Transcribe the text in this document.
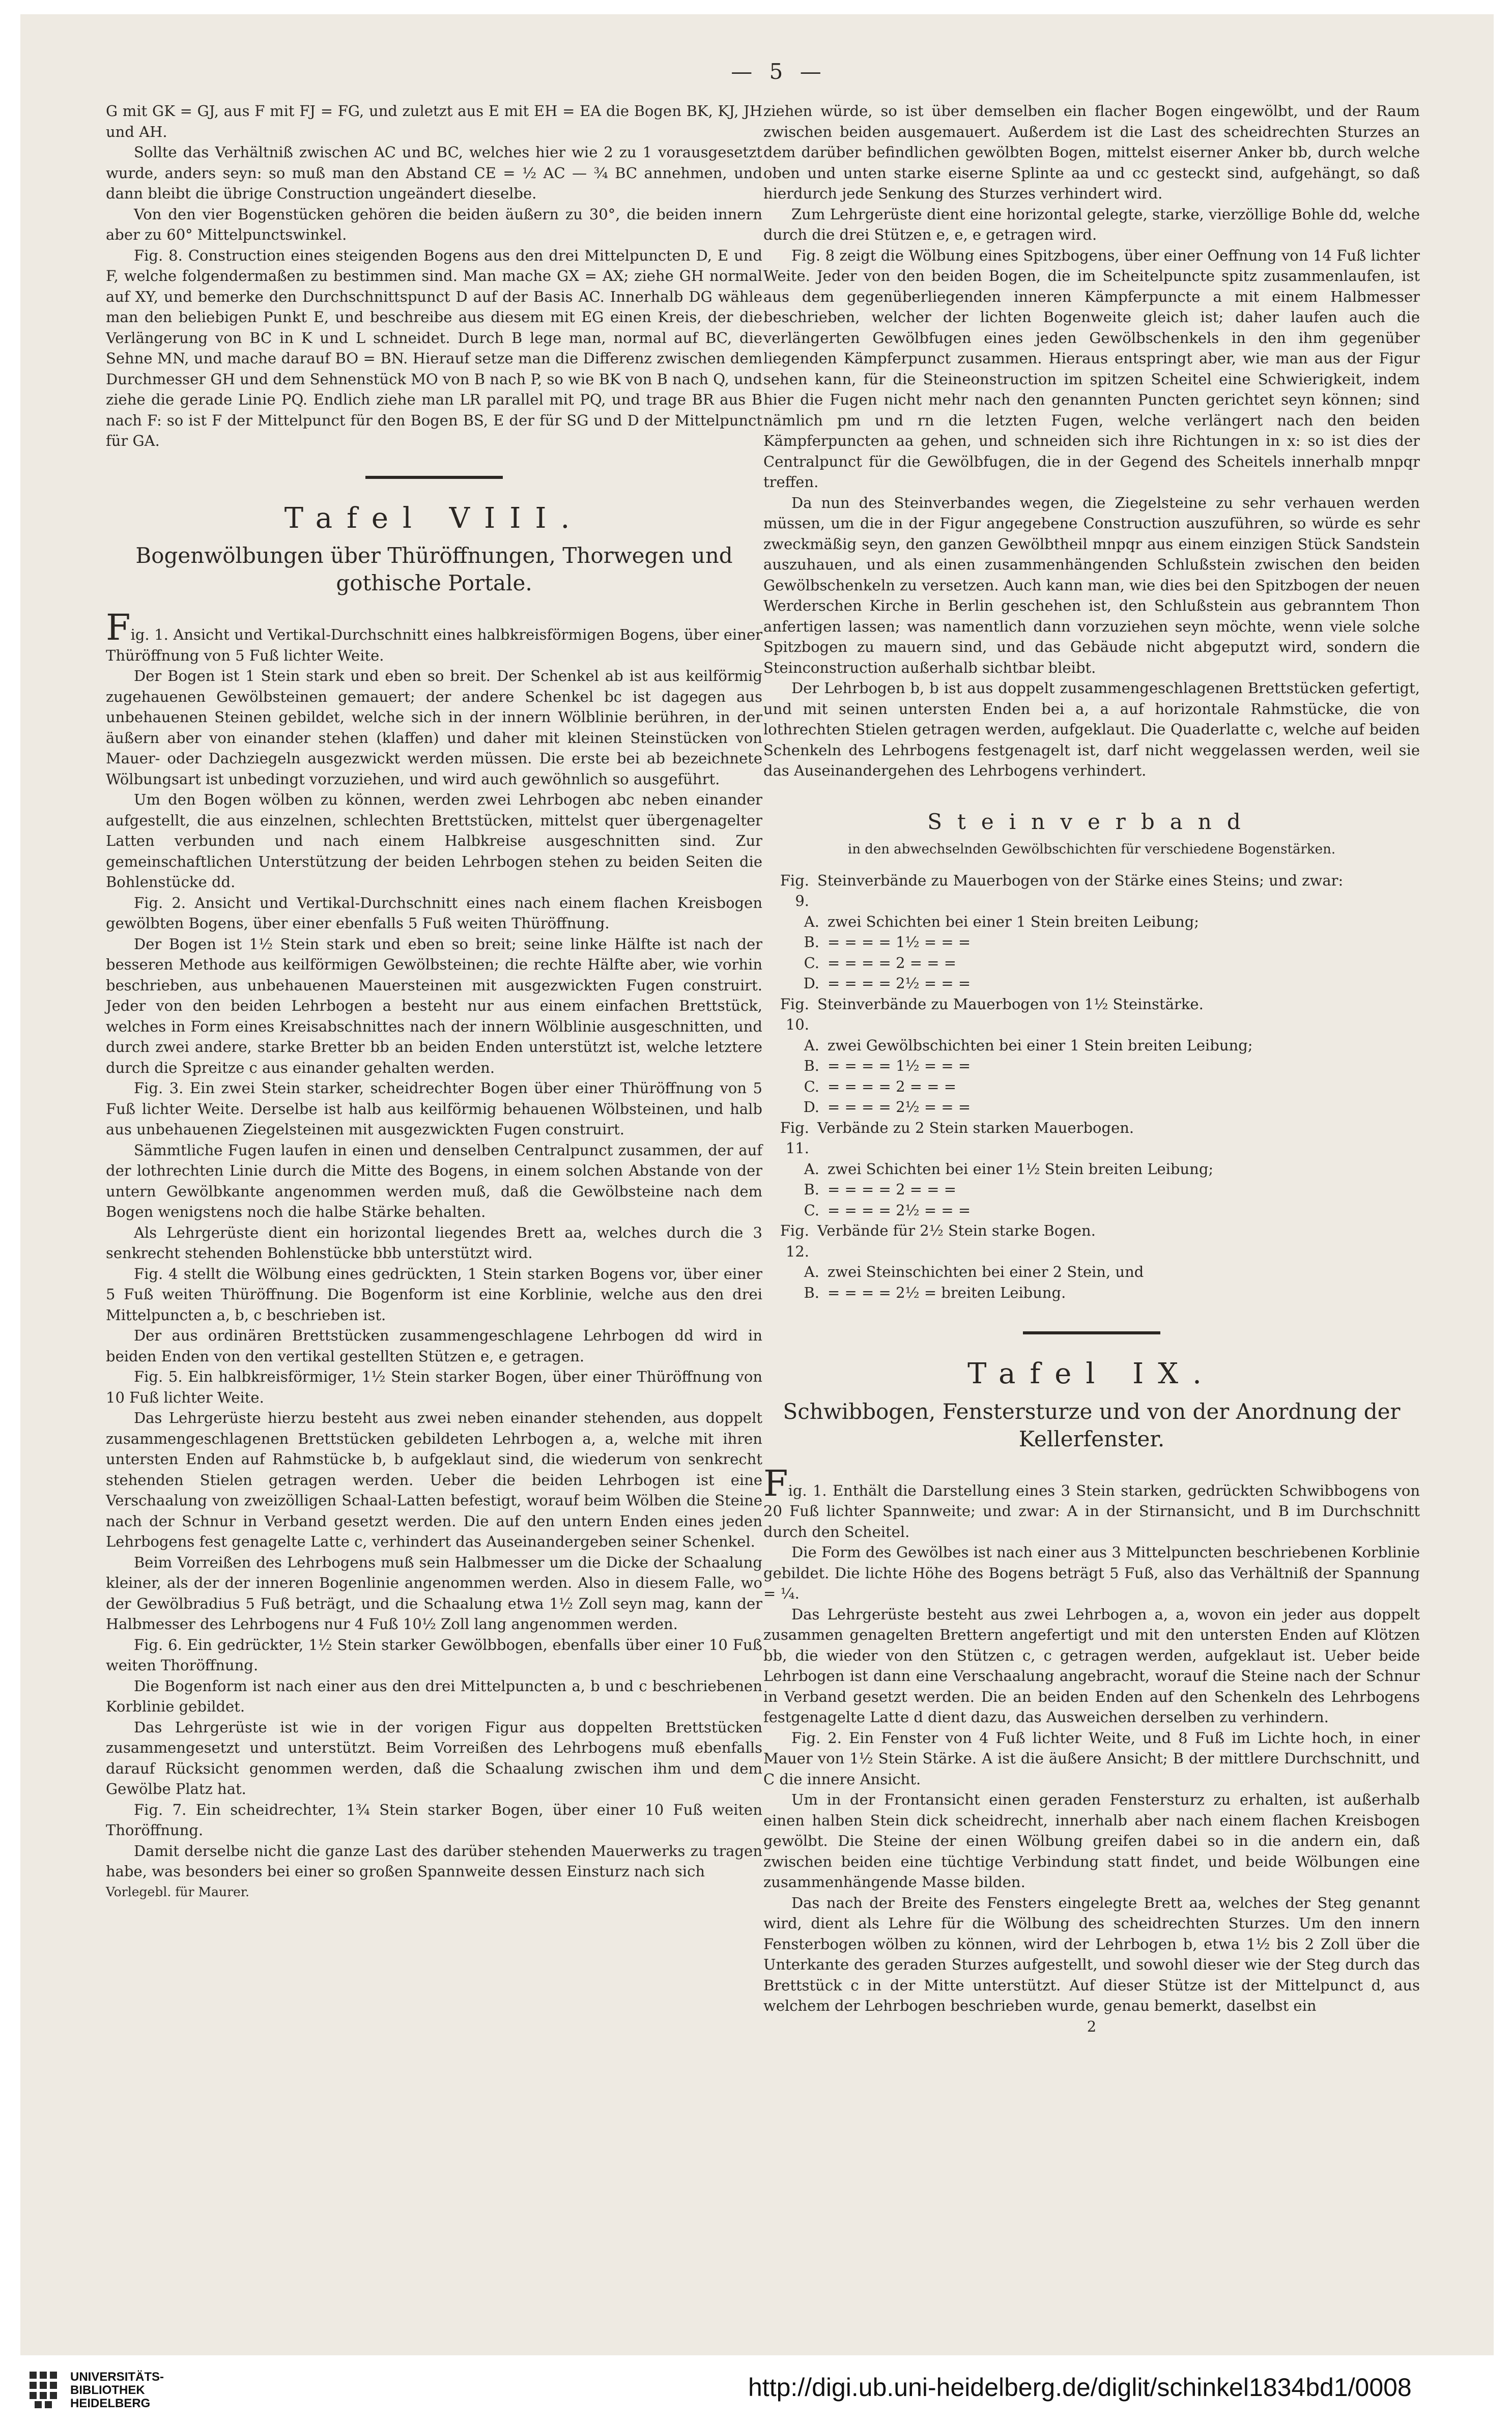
— 5 —

G mit GK = GJ, aus F mit FJ = FG, und zuletzt aus E mit EH = EA die Bogen BK, KJ, JH und AH.

Sollte das Verhältniß zwischen AC und BC, welches hier wie 2 zu 1 vorausgesetzt wurde, anders seyn: so muß man den Abstand CE = ½ AC — ¾ BC annehmen, und dann bleibt die übrige Construction ungeändert dieselbe.

Von den vier Bogenstücken gehören die beiden äußern zu 30°, die beiden innern aber zu 60° Mittelpunctswinkel.

Fig. 8. Construction eines steigenden Bogens aus den drei Mittelpuncten D, E und F, welche folgendermaßen zu bestimmen sind. Man mache GX = AX; ziehe GH normal auf XY, und bemerke den Durchschnittspunct D auf der Basis AC. Innerhalb DG wähle man den beliebigen Punkt E, und beschreibe aus diesem mit EG einen Kreis, der die Verlängerung von BC in K und L schneidet. Durch B lege man, normal auf BC, die Sehne MN, und mache darauf BO = BN. Hierauf setze man die Differenz zwischen dem Durchmesser GH und dem Sehnenstück MO von B nach P, so wie BK von B nach Q, und ziehe die gerade Linie PQ. Endlich ziehe man LR parallel mit PQ, und trage BR aus B nach F: so ist F der Mittelpunct für den Bogen BS, E der für SG und D der Mittelpunct für GA.

Tafel VIII.
Bogenwölbungen über Thüröffnungen, Thorwegen und gothische Portale.

Fig. 1. Ansicht und Vertikal-Durchschnitt eines halbkreisförmigen Bogens, über einer Thüröffnung von 5 Fuß lichter Weite.

Der Bogen ist 1 Stein stark und eben so breit. Der Schenkel ab ist aus keilförmig zugehauenen Gewölbsteinen gemauert; der andere Schenkel bc ist dagegen aus unbehauenen Steinen gebildet, welche sich in der innern Wölblinie berühren, in der äußern aber von einander stehen (klaffen) und daher mit kleinen Steinstücken von Mauer- oder Dachziegeln ausgezwickt werden müssen. Die erste bei ab bezeichnete Wölbungsart ist unbedingt vorzuziehen, und wird auch gewöhnlich so ausgeführt.

Um den Bogen wölben zu können, werden zwei Lehrbogen abc neben einander aufgestellt, die aus einzelnen, schlechten Brettstücken, mittelst quer übergenagelter Latten verbunden und nach einem Halbkreise ausgeschnitten sind. Zur gemeinschaftlichen Unterstützung der beiden Lehrbogen stehen zu beiden Seiten die Bohlenstücke dd.

Fig. 2. Ansicht und Vertikal-Durchschnitt eines nach einem flachen Kreisbogen gewölbten Bogens, über einer ebenfalls 5 Fuß weiten Thüröffnung.

Der Bogen ist 1½ Stein stark und eben so breit; seine linke Hälfte ist nach der besseren Methode aus keilförmigen Gewölbsteinen; die rechte Hälfte aber, wie vorhin beschrieben, aus unbehauenen Mauersteinen mit ausgezwickten Fugen construirt. Jeder von den beiden Lehrbogen a besteht nur aus einem einfachen Brettstück, welches in Form eines Kreisabschnittes nach der innern Wölblinie ausgeschnitten, und durch zwei andere, starke Bretter bb an beiden Enden unterstützt ist, welche letztere durch die Spreitze c aus einander gehalten werden.

Fig. 3. Ein zwei Stein starker, scheidrechter Bogen über einer Thüröffnung von 5 Fuß lichter Weite. Derselbe ist halb aus keilförmig behauenen Wölbsteinen, und halb aus unbehauenen Ziegelsteinen mit ausgezwickten Fugen construirt.

Sämmtliche Fugen laufen in einen und denselben Centralpunct zusammen, der auf der lothrechten Linie durch die Mitte des Bogens, in einem solchen Abstande von der untern Gewölbkante angenommen werden muß, daß die Gewölbsteine nach dem Bogen wenigstens noch die halbe Stärke behalten.

Als Lehrgerüste dient ein horizontal liegendes Brett aa, welches durch die 3 senkrecht stehenden Bohlenstücke bbb unterstützt wird.

Fig. 4 stellt die Wölbung eines gedrückten, 1 Stein starken Bogens vor, über einer 5 Fuß weiten Thüröffnung. Die Bogenform ist eine Korblinie, welche aus den drei Mittelpuncten a, b, c beschrieben ist.

Der aus ordinären Brettstücken zusammengeschlagene Lehrbogen dd wird in beiden Enden von den vertikal gestellten Stützen e, e getragen.

Fig. 5. Ein halbkreisförmiger, 1½ Stein starker Bogen, über einer Thüröffnung von 10 Fuß lichter Weite.

Das Lehrgerüste hierzu besteht aus zwei neben einander stehenden, aus doppelt zusammengeschlagenen Brettstücken gebildeten Lehrbogen a, a, welche mit ihren untersten Enden auf Rahmstücke b, b aufgeklaut sind, die wiederum von senkrecht stehenden Stielen getragen werden. Ueber die beiden Lehrbogen ist eine Verschaalung von zweizölligen Schaal-Latten befestigt, worauf beim Wölben die Steine nach der Schnur in Verband gesetzt werden. Die auf den untern Enden eines jeden Lehrbogens fest genagelte Latte c, verhindert das Auseinandergeben seiner Schenkel.

Beim Vorreißen des Lehrbogens muß sein Halbmesser um die Dicke der Schaalung kleiner, als der der inneren Bogenlinie angenommen werden. Also in diesem Falle, wo der Gewölbradius 5 Fuß beträgt, und die Schaalung etwa 1½ Zoll seyn mag, kann der Halbmesser des Lehrbogens nur 4 Fuß 10½ Zoll lang angenommen werden.

Fig. 6. Ein gedrückter, 1½ Stein starker Gewölbbogen, ebenfalls über einer 10 Fuß weiten Thoröffnung.

Die Bogenform ist nach einer aus den drei Mittelpuncten a, b und c beschriebenen Korblinie gebildet.

Das Lehrgerüste ist wie in der vorigen Figur aus doppelten Brettstücken zusammengesetzt und unterstützt. Beim Vorreißen des Lehrbogens muß ebenfalls darauf Rücksicht genommen werden, daß die Schaalung zwischen ihm und dem Gewölbe Platz hat.

Fig. 7. Ein scheidrechter, 1¾ Stein starker Bogen, über einer 10 Fuß weiten Thoröffnung.

Damit derselbe nicht die ganze Last des darüber stehenden Mauerwerks zu tragen habe, was besonders bei einer so großen Spannweite dessen Einsturz nach sich

Vorlegebl. für Maurer.

ziehen würde, so ist über demselben ein flacher Bogen eingewölbt, und der Raum zwischen beiden ausgemauert. Außerdem ist die Last des scheidrechten Sturzes an dem darüber befindlichen gewölbten Bogen, mittelst eiserner Anker bb, durch welche oben und unten starke eiserne Splinte aa und cc gesteckt sind, aufgehängt, so daß hierdurch jede Senkung des Sturzes verhindert wird.

Zum Lehrgerüste dient eine horizontal gelegte, starke, vierzöllige Bohle dd, welche durch die drei Stützen e, e, e getragen wird.

Fig. 8 zeigt die Wölbung eines Spitzbogens, über einer Oeffnung von 14 Fuß lichter Weite. Jeder von den beiden Bogen, die im Scheitelpuncte spitz zusammenlaufen, ist aus dem gegenüberliegenden inneren Kämpferpuncte a mit einem Halbmesser beschrieben, welcher der lichten Bogenweite gleich ist; daher laufen auch die verlängerten Gewölbfugen eines jeden Gewölbschenkels in den ihm gegenüber liegenden Kämpferpunct zusammen. Hieraus entspringt aber, wie man aus der Figur sehen kann, für die Steineonstruction im spitzen Scheitel eine Schwierigkeit, indem hier die Fugen nicht mehr nach den genannten Puncten gerichtet seyn können; sind nämlich pm und rn die letzten Fugen, welche verlängert nach den beiden Kämpferpuncten aa gehen, und schneiden sich ihre Richtungen in x: so ist dies der Centralpunct für die Gewölbfugen, die in der Gegend des Scheitels innerhalb mnpqr treffen.

Da nun des Steinverbandes wegen, die Ziegelsteine zu sehr verhauen werden müssen, um die in der Figur angegebene Construction auszuführen, so würde es sehr zweckmäßig seyn, den ganzen Gewölbtheil mnpqr aus einem einzigen Stück Sandstein auszuhauen, und als einen zusammenhängenden Schlußstein zwischen den beiden Gewölbschenkeln zu versetzen. Auch kann man, wie dies bei den Spitzbogen der neuen Werderschen Kirche in Berlin geschehen ist, den Schlußstein aus gebranntem Thon anfertigen lassen; was namentlich dann vorzuziehen seyn möchte, wenn viele solche Spitzbogen zu mauern sind, und das Gebäude nicht abgeputzt wird, sondern die Steinconstruction außerhalb sichtbar bleibt.

Der Lehrbogen b, b ist aus doppelt zusammengeschlagenen Brettstücken gefertigt, und mit seinen untersten Enden bei a, a auf horizontale Rahmstücke, die von lothrechten Stielen getragen werden, aufgeklaut. Die Quaderlatte c, welche auf beiden Schenkeln des Lehrbogens festgenagelt ist, darf nicht weggelassen werden, weil sie das Auseinandergehen des Lehrbogens verhindert.

Steinverband
in den abwechselnden Gewölbschichten für verschiedene Bogenstärken.
Fig. 9.
Steinverbände zu Mauerbogen von der Stärke eines Steins; und zwar:
A. zwei Schichten bei einer 1 Stein breiten Leibung;
B. = = = = 1½ = = =
C. = = = = 2 = = =
D. = = = = 2½ = = =
Fig. 10.
Steinverbände zu Mauerbogen von 1½ Steinstärke.
A. zwei Gewölbschichten bei einer 1 Stein breiten Leibung;
B. = = = = 1½ = = =
C. = = = = 2 = = =
D. = = = = 2½ = = =
Fig. 11.
Verbände zu 2 Stein starken Mauerbogen.
A. zwei Schichten bei einer 1½ Stein breiten Leibung;
B. = = = = 2 = = =
C. = = = = 2½ = = =
Fig. 12.
Verbände für 2½ Stein starke Bogen.
A. zwei Steinschichten bei einer 2 Stein, und
B. = = = = 2½ = breiten Leibung.
Tafel IX.
Schwibbogen, Fenstersturze und von der Anordnung der Kellerfenster.

Fig. 1. Enthält die Darstellung eines 3 Stein starken, gedrückten Schwibbogens von 20 Fuß lichter Spannweite; und zwar: A in der Stirnansicht, und B im Durchschnitt durch den Scheitel.

Die Form des Gewölbes ist nach einer aus 3 Mittelpuncten beschriebenen Korblinie gebildet. Die lichte Höhe des Bogens beträgt 5 Fuß, also das Verhältniß der Spannung = ¼.

Das Lehrgerüste besteht aus zwei Lehrbogen a, a, wovon ein jeder aus doppelt zusammen genagelten Brettern angefertigt und mit den untersten Enden auf Klötzen bb, die wieder von den Stützen c, c getragen werden, aufgeklaut ist. Ueber beide Lehrbogen ist dann eine Verschaalung angebracht, worauf die Steine nach der Schnur in Verband gesetzt werden. Die an beiden Enden auf den Schenkeln des Lehrbogens festgenagelte Latte d dient dazu, das Ausweichen derselben zu verhindern.

Fig. 2. Ein Fenster von 4 Fuß lichter Weite, und 8 Fuß im Lichte hoch, in einer Mauer von 1½ Stein Stärke. A ist die äußere Ansicht; B der mittlere Durchschnitt, und C die innere Ansicht.

Um in der Frontansicht einen geraden Fenstersturz zu erhalten, ist außerhalb einen halben Stein dick scheidrecht, innerhalb aber nach einem flachen Kreisbogen gewölbt. Die Steine der einen Wölbung greifen dabei so in die andern ein, daß zwischen beiden eine tüchtige Verbindung statt findet, und beide Wölbungen eine zusammenhängende Masse bilden.

Das nach der Breite des Fensters eingelegte Brett aa, welches der Steg genannt wird, dient als Lehre für die Wölbung des scheidrechten Sturzes. Um den innern Fensterbogen wölben zu können, wird der Lehrbogen b, etwa 1½ bis 2 Zoll über die Unterkante des geraden Sturzes aufgestellt, und sowohl dieser wie der Steg durch das Brettstück c in der Mitte unterstützt. Auf dieser Stütze ist der Mittelpunct d, aus welchem der Lehrbogen beschrieben wurde, genau bemerkt, daselbst ein

2

UNIVERSITÄTS-
BIBLIOTHEK
HEIDELBERG
http://digi.ub.uni-heidelberg.de/diglit/schinkel1834bd1/0008
